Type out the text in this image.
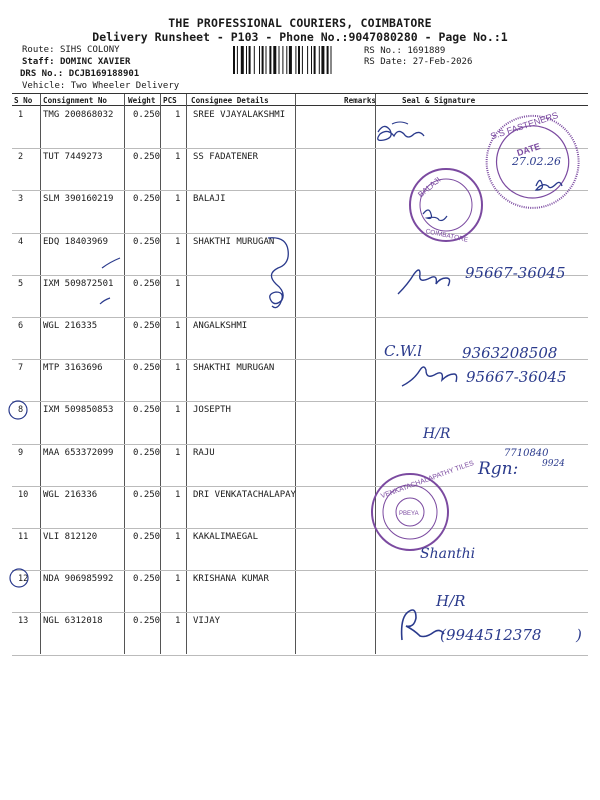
THE PROFESSIONAL COURIERS, COIMBATORE
Delivery Runsheet - P103 - Phone No.:9047080280 - Page No.:1
Route: SIHS COLONY
Staff: DOMINC XAVIER
DRS No.: DCJB169188901
Vehicle: Two Wheeler Delivery
RS No.: 1691889
RS Date: 27-Feb-2026
S No Consignment No	Weight PCS Consignee Details	Remarks	Seal & Signature
1 TMG 200868032 0.250 1 SREE VJAYALAKSHMI
2 TUT 7449273	0.250 1 SS FADATENER
3 SLM 390160219 0.250 1 BALAJI
4 EDQ 18403969	0.250 1 SHAKTHI MURUGAN
5 IXM 509872501 0.250 1
6 WGL 216335	0.250 1 ANGALKSHMI
7 MTP 3163696	0.250 1 SHAKTHI MURUGAN
8 IXM 509850853 0.250 1 JOSEPTH
9 MAA 653372099 0.250 1 RAJU
10 WGL 216336	0.250 1 DRI VENKATACHALAPAY
11 VLI 812120	0.250 1 KAKALIMAEGAL
12 NDA 906985992 0.250 1 KRISHANA KUMAR
13 NGL 6312018	0.250 1 VIJAY
S.S FASTENERS
DATE
27.02.26
BALAJI
COIMBATORE
95667-36045
C.W.l	9363208508
95667-36045
H/R
Rgn:
7710840
9924
VENKATACHALAPATHY TILES
PBEYA
Shanthi
H/R
9944512378
(	)
